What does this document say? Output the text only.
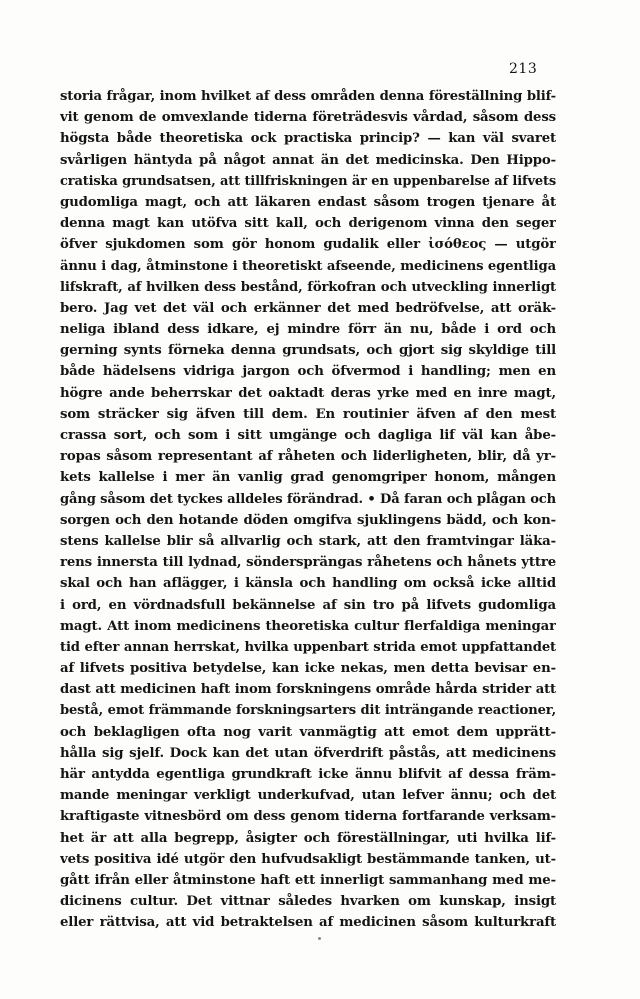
213
storia frågar, inom hvilket af dess områden denna föreställning blif-
vit genom de omvexlande tiderna företrädesvis vårdad, såsom dess
högsta både theoretiska ock practiska princip? — kan väl svaret
svårligen häntyda på något annat än det medicinska. Den Hippo-
cratiska grundsatsen, att tillfriskningen är en uppenbarelse af lifvets
gudomliga magt, och att läkaren endast såsom trogen tjenare åt
denna magt kan utöfva sitt kall, och derigenom vinna den seger
öfver sjukdomen som gör honom gudalik eller ἰσόθεος — utgör
ännu i dag, åtminstone i theoretiskt afseende, medicinens egentliga
lifskraft, af hvilken dess bestånd, förkofran och utveckling innerligt
bero. Jag vet det väl och erkänner det med bedröfvelse, att oräk-
neliga ibland dess idkare, ej mindre förr än nu, både i ord och
gerning synts förneka denna grundsats, och gjort sig skyldige till
både hädelsens vidriga jargon och öfvermod i handling; men en
högre ande beherrskar det oaktadt deras yrke med en inre magt,
som sträcker sig äfven till dem. En routinier äfven af den mest
crassa sort, och som i sitt umgänge och dagliga lif väl kan åbe-
ropas såsom representant af råheten och liderligheten, blir, då yr-
kets kallelse i mer än vanlig grad genomgriper honom, mången
gång såsom det tyckes alldeles förändrad. • Då faran och plågan och
sorgen och den hotande döden omgifva sjuklingens bädd, och kon-
stens kallelse blir så allvarlig och stark, att den framtvingar läka-
rens innersta till lydnad, söndersprängas råhetens och hånets yttre
skal och han aflägger, i känsla och handling om också icke alltid
i ord, en vördnadsfull bekännelse af sin tro på lifvets gudomliga
magt. Att inom medicinens theoretiska cultur flerfaldiga meningar
tid efter annan herrskat, hvilka uppenbart strida emot uppfattandet
af lifvets positiva betydelse, kan icke nekas, men detta bevisar en-
dast att medicinen haft inom forskningens område hårda strider att
bestå, emot främmande forskningsarters dit inträngande reactioner,
och beklagligen ofta nog varit vanmägtig att emot dem upprätt-
hålla sig sjelf. Dock kan det utan öfverdrift påstås, att medicinens
här antydda egentliga grundkraft icke ännu blifvit af dessa främ-
mande meningar verkligt underkufvad, utan lefver ännu; och det
kraftigaste vitnesbörd om dess genom tiderna fortfarande verksam-
het är att alla begrepp, åsigter och föreställningar, uti hvilka lif-
vets positiva idé utgör den hufvudsakligt bestämmande tanken, ut-
gått ifrån eller åtminstone haft ett innerligt sammanhang med me-
dicinens cultur. Det vittnar således hvarken om kunskap, insigt
eller rättvisa, att vid betraktelsen af medicinen såsom kulturkraft
